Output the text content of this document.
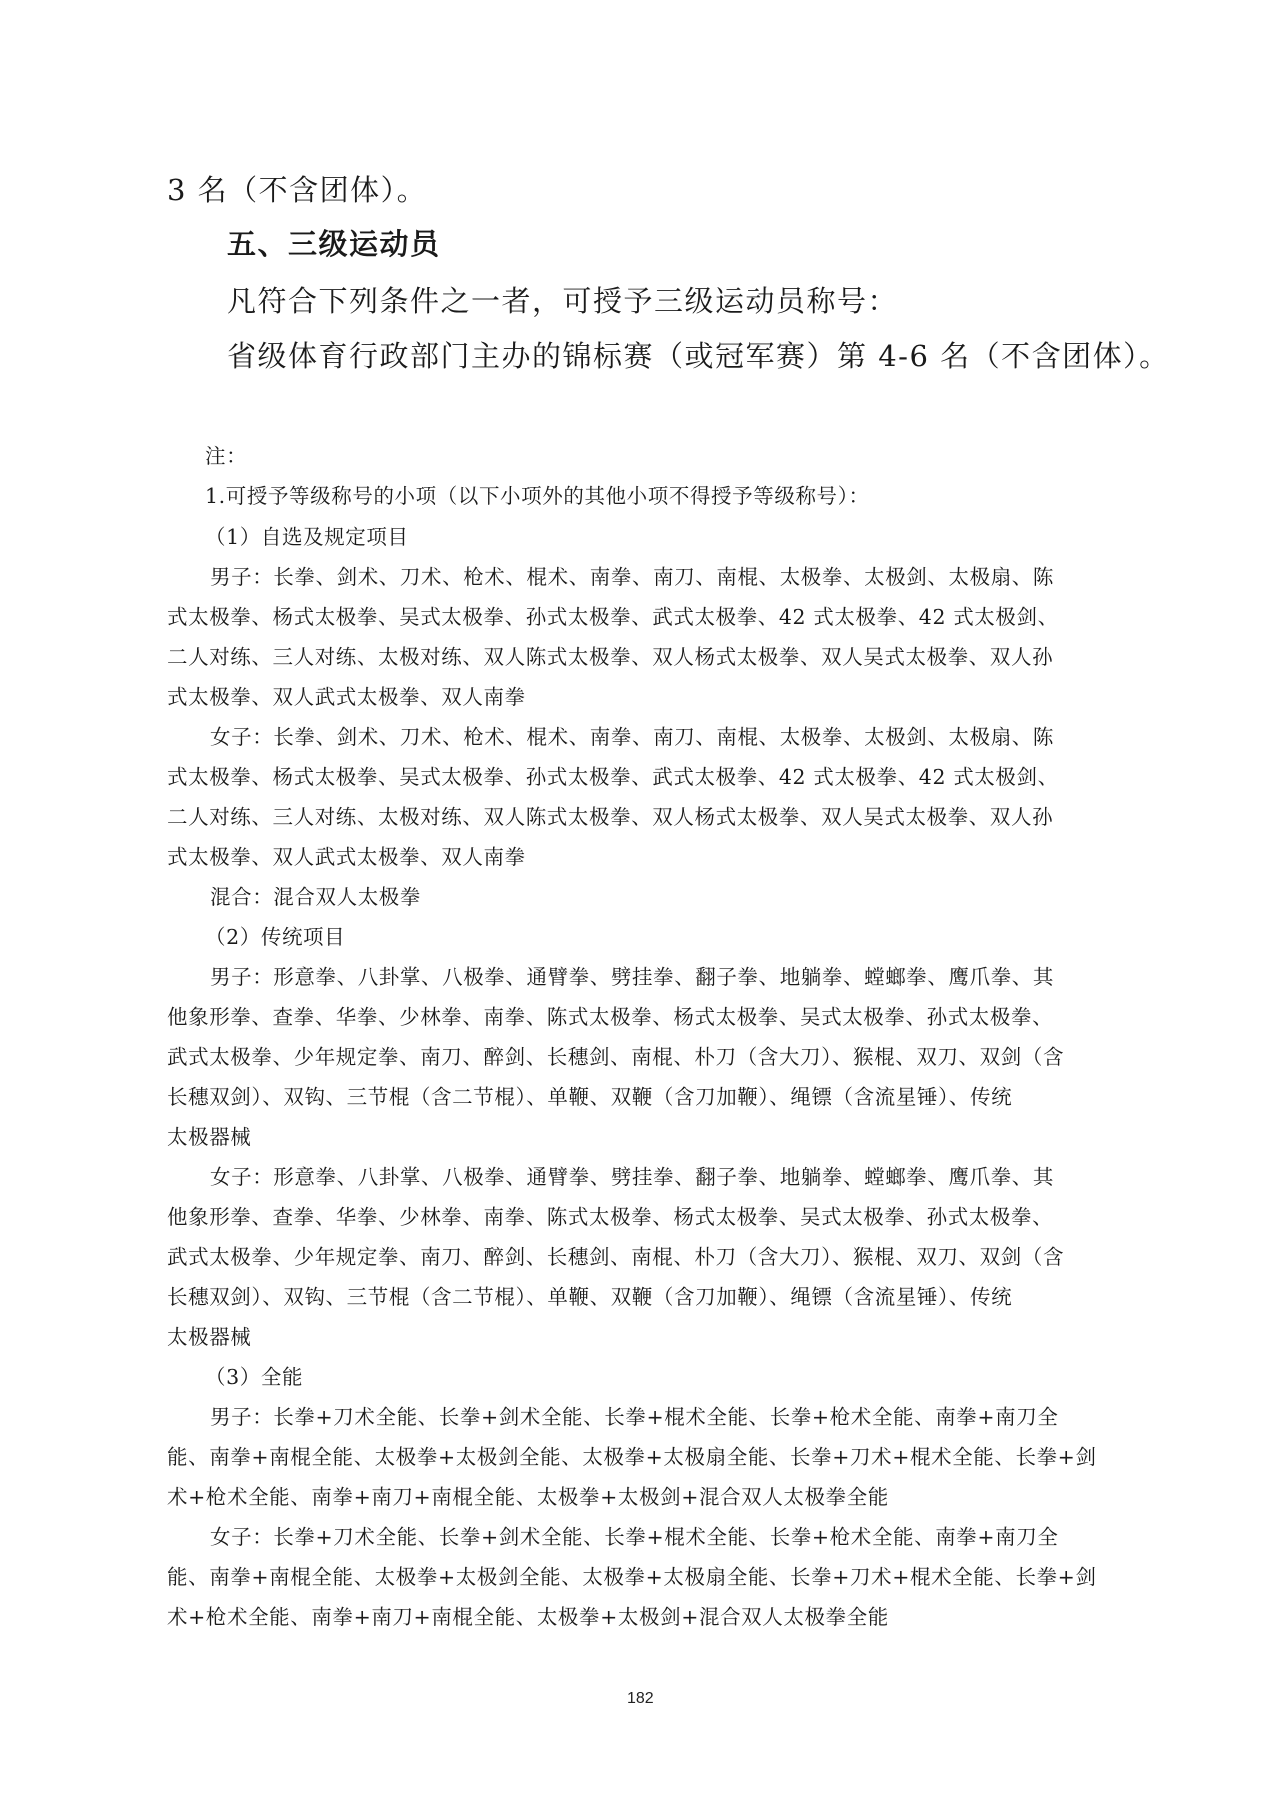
3 名（不含团体）。
五、三级运动员
凡符合下列条件之一者，可授予三级运动员称号：
省级体育行政部门主办的锦标赛（或冠军赛）第 4-6 名（不含团体）。
注：
1.可授予等级称号的小项（以下小项外的其他小项不得授予等级称号）：
（1）自选及规定项目
男子：长拳、剑术、刀术、枪术、棍术、南拳、南刀、南棍、太极拳、太极剑、太极扇、陈
式太极拳、杨式太极拳、吴式太极拳、孙式太极拳、武式太极拳、42 式太极拳、42 式太极剑、
二人对练、三人对练、太极对练、双人陈式太极拳、双人杨式太极拳、双人吴式太极拳、双人孙
式太极拳、双人武式太极拳、双人南拳
女子：长拳、剑术、刀术、枪术、棍术、南拳、南刀、南棍、太极拳、太极剑、太极扇、陈
式太极拳、杨式太极拳、吴式太极拳、孙式太极拳、武式太极拳、42 式太极拳、42 式太极剑、
二人对练、三人对练、太极对练、双人陈式太极拳、双人杨式太极拳、双人吴式太极拳、双人孙
式太极拳、双人武式太极拳、双人南拳
混合：混合双人太极拳
（2）传统项目
男子：形意拳、八卦掌、八极拳、通臂拳、劈挂拳、翻子拳、地躺拳、螳螂拳、鹰爪拳、其
他象形拳、查拳、华拳、少林拳、南拳、陈式太极拳、杨式太极拳、吴式太极拳、孙式太极拳、
武式太极拳、少年规定拳、南刀、醉剑、长穗剑、南棍、朴刀（含大刀）、猴棍、双刀、双剑（含
长穗双剑）、双钩、三节棍（含二节棍）、单鞭、双鞭（含刀加鞭）、绳镖（含流星锤）、传统
太极器械
女子：形意拳、八卦掌、八极拳、通臂拳、劈挂拳、翻子拳、地躺拳、螳螂拳、鹰爪拳、其
他象形拳、查拳、华拳、少林拳、南拳、陈式太极拳、杨式太极拳、吴式太极拳、孙式太极拳、
武式太极拳、少年规定拳、南刀、醉剑、长穗剑、南棍、朴刀（含大刀）、猴棍、双刀、双剑（含
长穗双剑）、双钩、三节棍（含二节棍）、单鞭、双鞭（含刀加鞭）、绳镖（含流星锤）、传统
太极器械
（3）全能
男子：长拳+刀术全能、长拳+剑术全能、长拳+棍术全能、长拳+枪术全能、南拳+南刀全
能、南拳+南棍全能、太极拳+太极剑全能、太极拳+太极扇全能、长拳+刀术+棍术全能、长拳+剑
术+枪术全能、南拳+南刀+南棍全能、太极拳+太极剑+混合双人太极拳全能
女子：长拳+刀术全能、长拳+剑术全能、长拳+棍术全能、长拳+枪术全能、南拳+南刀全
能、南拳+南棍全能、太极拳+太极剑全能、太极拳+太极扇全能、长拳+刀术+棍术全能、长拳+剑
术+枪术全能、南拳+南刀+南棍全能、太极拳+太极剑+混合双人太极拳全能
182
